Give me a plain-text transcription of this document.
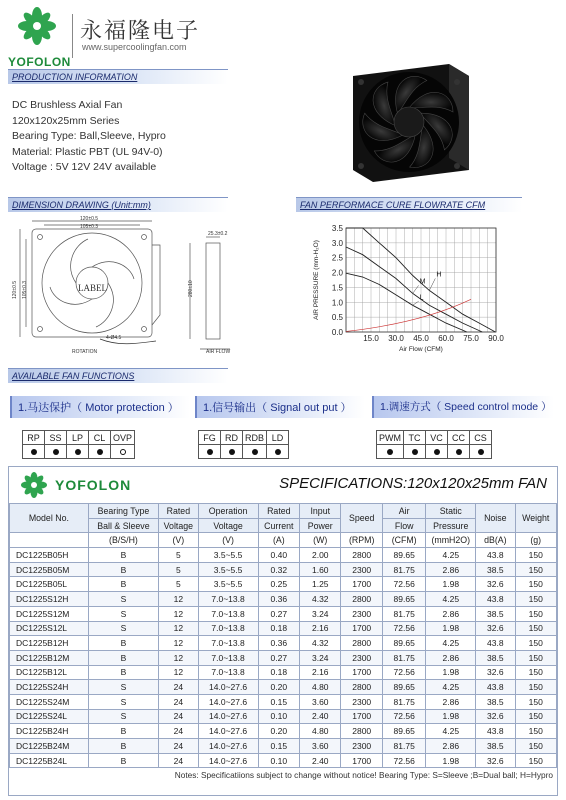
YOFOLON
永福隆电子
www.supercoolingfan.com
PRODUCTION INFORMATION
DC Brushless Axial Fan
120x120x25mm Series
Bearing Type: Ball,Sleeve, Hypro
Material: Plastic PBT (UL 94V-0)
Voltage : 5V 12V 24V available
DIMENSION DRAWING (Unit:mm)
120±0.5
105±0.3
25.3±0.2
120±0.5 105±0.3	280±10
4-Ø4.5
ROTATION	AIR FLOW
LABEL
FAN PERFORMACE CURE FLOWRATE CFM
0.0
0.5
1.0
1.5
2.0
2.5
3.0
3.5
15.0 30.0 45.0 60.0 75.0 90.0
AIR PRESSURE (mm-H₂O)
Air Flow (CFM)
H
M
L
AVAILABLE FAN FUNCTIONS
1.马达保护（ Motor protection ）
RP	SS	LP	CL	OVP

1.信号输出（ Signal out put ）
FG	RD	RDB	LD

1.调速方式（ Speed control mode ）
PWM	TC	VC	CC	CS

YOFOLON	SPECIFICATIONS:120x120x25mm FAN
Model No.	Bearing Type	Rated	Operation	Rated	Input	Speed	Air	Static	Noise	Weight
	Ball & Sleeve	Voltage	Voltage	Current	Power		Flow	Pressure		
	(B/S/H)	(V)	(V)	(A)	(W)	(RPM)	(CFM)	(mmH2O)	dB(A)	(g)
DC1225B05H	B	5	3.5~5.5	0.40	2.00	2800	89.65	4.25	43.8	150
DC1225B05M	B	5	3.5~5.5	0.32	1.60	2300	81.75	2.86	38.5	150
DC1225B05L	B	5	3.5~5.5	0.25	1.25	1700	72.56	1.98	32.6	150
DC1225S12H	S	12	7.0~13.8	0.36	4.32	2800	89.65	4.25	43.8	150
DC1225S12M	S	12	7.0~13.8	0.27	3.24	2300	81.75	2.86	38.5	150
DC1225S12L	S	12	7.0~13.8	0.18	2.16	1700	72.56	1.98	32.6	150
DC1225B12H	B	12	7.0~13.8	0.36	4.32	2800	89.65	4.25	43.8	150
DC1225B12M	B	12	7.0~13.8	0.27	3.24	2300	81.75	2.86	38.5	150
DC1225B12L	B	12	7.0~13.8	0.18	2.16	1700	72.56	1.98	32.6	150
DC1225S24H	S	24	14.0~27.6	0.20	4.80	2800	89.65	4.25	43.8	150
DC1225S24M	S	24	14.0~27.6	0.15	3.60	2300	81.75	2.86	38.5	150
DC1225S24L	S	24	14.0~27.6	0.10	2.40	1700	72.56	1.98	32.6	150
DC1225B24H	B	24	14.0~27.6	0.20	4.80	2800	89.65	4.25	43.8	150
DC1225B24M	B	24	14.0~27.6	0.15	3.60	2300	81.75	2.86	38.5	150
DC1225B24L	B	24	14.0~27.6	0.10	2.40	1700	72.56	1.98	32.6	150
Notes: Specificatiions subject to change without notice! Bearing Type: S=Sleeve ;B=Dual ball; H=Hypro
